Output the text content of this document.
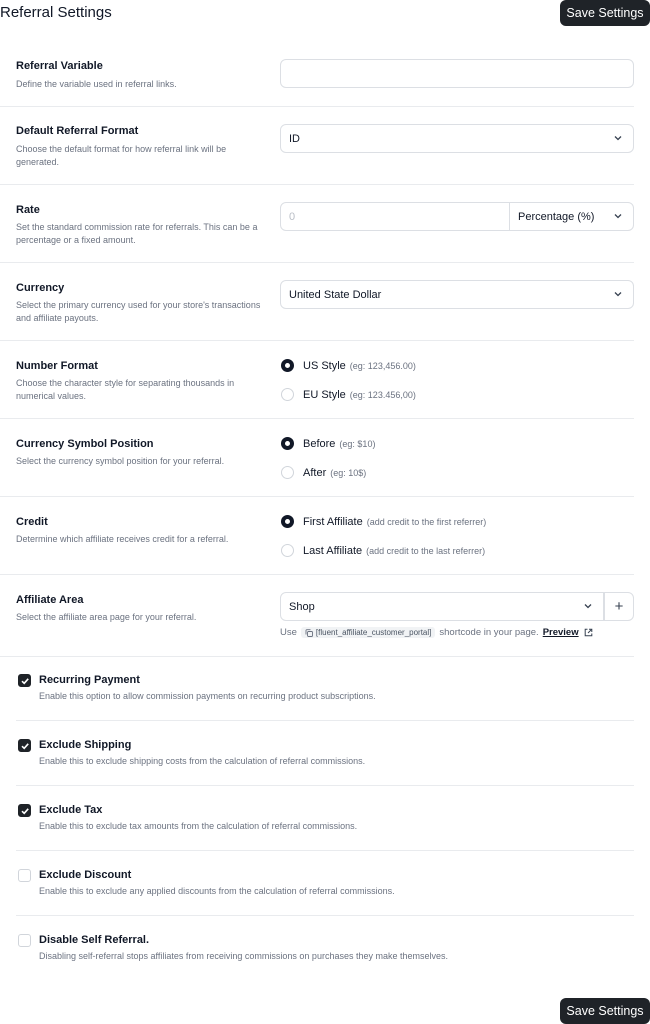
Referral Settings	Save Settings
Referral Variable
Define the variable used in referral links.
Default Referral Format
Choose the default format for how referral link will be generated.
ID
Rate
Set the standard commission rate for referrals. This can be a percentage or a fixed amount.
0	Percentage (%)
Currency
Select the primary currency used for your store's transactions and affiliate payouts.
United State Dollar
Number Format
Choose the character style for separating thousands in numerical values.
US Style (eg: 123,456.00)
EU Style (eg: 123.456,00)
Currency Symbol Position
Select the currency symbol position for your referral.
Before (eg: $10)
After (eg: 10$)
Credit
Determine which affiliate receives credit for a referral.
First Affiliate (add credit to the first referrer)
Last Affiliate (add credit to the last referrer)
Affiliate Area
Select the affiliate area page for your referral.
Shop	+
Use [fluent_affiliate_customer_portal] shortcode in your page. Preview
Recurring Payment
Enable this option to allow commission payments on recurring product subscriptions.
Exclude Shipping
Enable this to exclude shipping costs from the calculation of referral commissions.
Exclude Tax
Enable this to exclude tax amounts from the calculation of referral commissions.
Exclude Discount
Enable this to exclude any applied discounts from the calculation of referral commissions.
Disable Self Referral.
Disabling self-referral stops affiliates from receiving commissions on purchases they make themselves.
Save Settings
